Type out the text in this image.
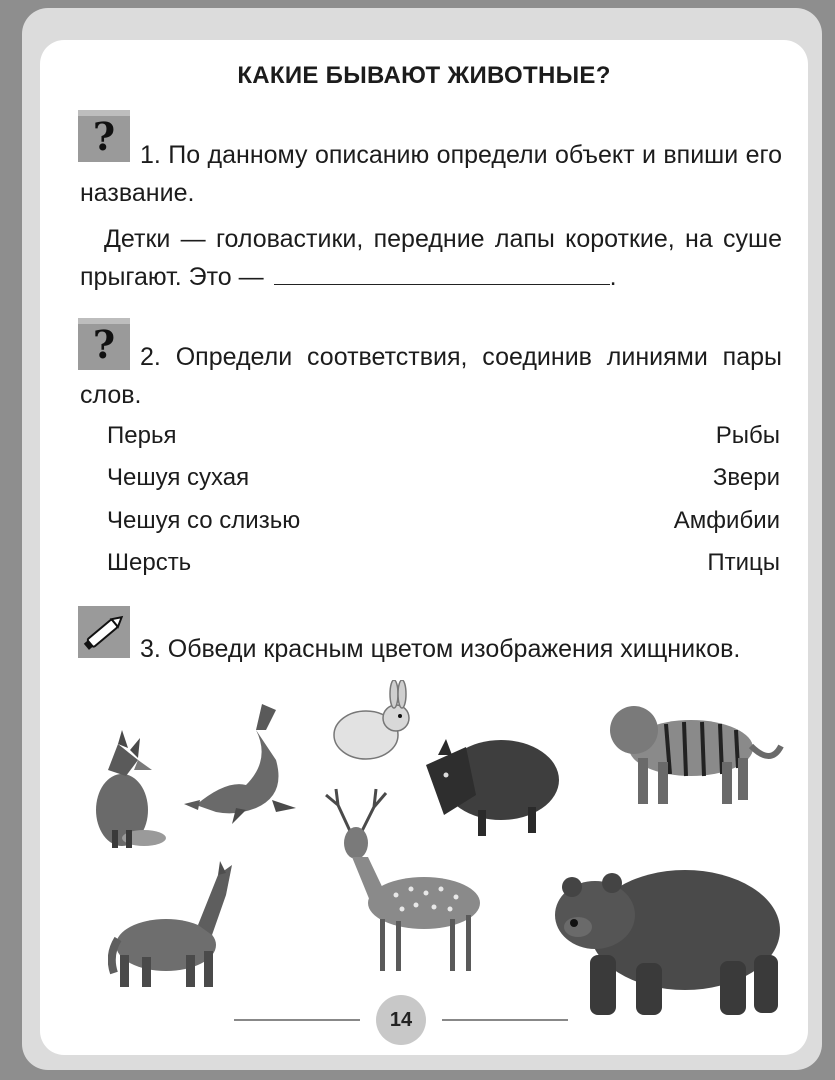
КАКИЕ БЫВАЮТ ЖИВОТНЫЕ?
? 1. По данному описанию определи объект и впиши его название.
Детки — головастики, передние лапы короткие, на суше прыгают. Это —	.
? 2. Определи соответствия, соединив линиями пары слов.
Перья
Чешуя сухая
Чешуя со слизью
Шерсть
Рыбы
Звери
Амфибии
Птицы
3. Обведи красным цветом изображения хищников.
14
